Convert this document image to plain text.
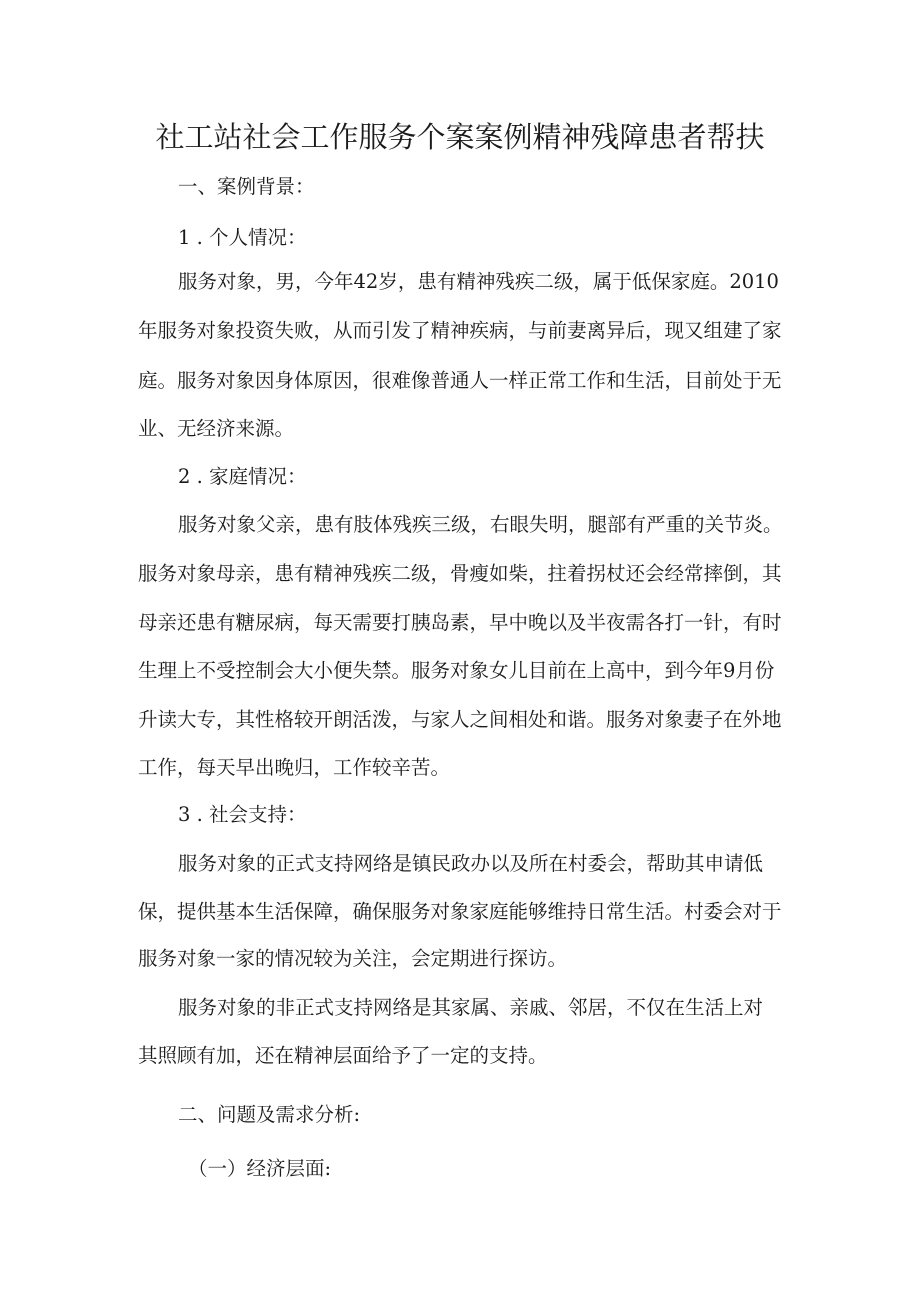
社工站社会工作服务个案案例精神残障患者帮扶

一、案例背景：

1 . 个人情况：

服务对象，男，今年42岁，患有精神残疾二级，属于低保家庭。2010

年服务对象投资失败，从而引发了精神疾病，与前妻离异后，现又组建了家

庭。服务对象因身体原因，很难像普通人一样正常工作和生活，目前处于无

业、无经济来源。

2 . 家庭情况：

服务对象父亲，患有肢体残疾三级，右眼失明，腿部有严重的关节炎。

服务对象母亲，患有精神残疾二级，骨瘦如柴，拄着拐杖还会经常摔倒，其

母亲还患有糖尿病，每天需要打胰岛素，早中晚以及半夜需各打一针，有时

生理上不受控制会大小便失禁。服务对象女儿目前在上高中，到今年9月份

升读大专，其性格较开朗活泼，与家人之间相处和谐。服务对象妻子在外地

工作，每天早出晚归，工作较辛苦。

3 . 社会支持：

服务对象的正式支持网络是镇民政办以及所在村委会，帮助其申请低

保，提供基本生活保障，确保服务对象家庭能够维持日常生活。村委会对于

服务对象一家的情况较为关注，会定期进行探访。

服务对象的非正式支持网络是其家属、亲戚、邻居，不仅在生活上对

其照顾有加，还在精神层面给予了一定的支持。

二、问题及需求分析:

（一）经济层面:
